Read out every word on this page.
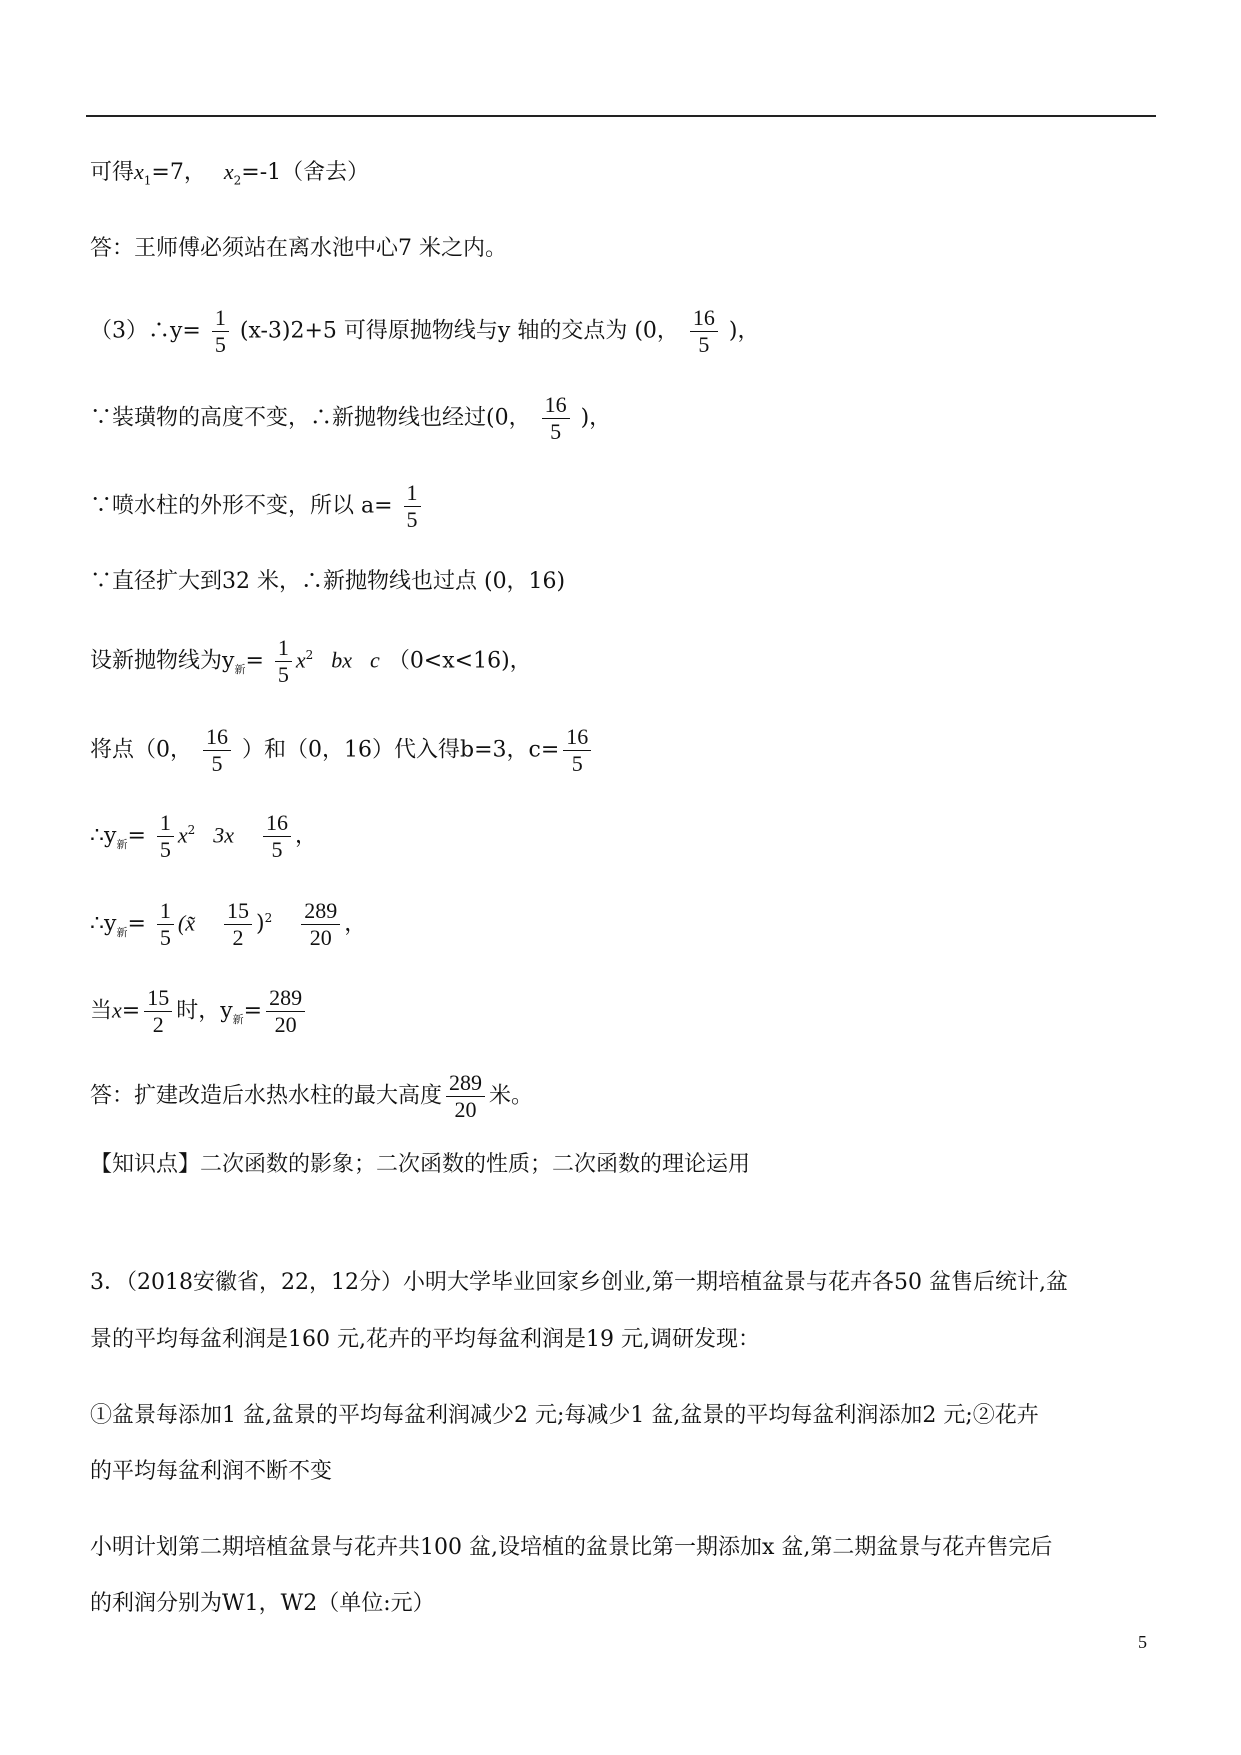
可得$x_1=7$， $x_2=-1$（舍去）
答：王师傅必须站在离水池中心7 米之内。
（3）∴y= $\frac{1}{5} (x-3)2+5$ 可得原抛物线与y 轴的交点为 (0， $\frac{16}{5}$ )，
∵装璜物的高度不变，∴新抛物线也经过(0， $\frac{16}{5}$ )，
∵喷水柱的外形不变，所以 $a= \frac{1}{5}$
∵直径扩大到32 米，∴新抛物线也过点 (0，16)
设新抛物线为$y_新= \frac{1}{5} x^2$ bx c （0<x<16)，
将点（0， $\frac{16}{5}$ ）和（0，16）代入得b=3，$c= \frac{16}{5}$
$\therefore y_新= \frac{1}{5} x^2$ $3x \frac{16}{5}$ ，
$\therefore y_新= \frac{1}{5}$ (x̃ $\frac{15}{2} )^2 \frac{289}{20}$ ，
当$x= \frac{15}{2}$ 时，$y_新= \frac{289}{20}$
答：扩建改造后水热水柱的最大高度 $\frac{289}{20}$ 米。
【知识点】二次函数的影象；二次函数的性质；二次函数的理论运用
3．（2018安徽省，22，12分）小明大学毕业回家乡创业,第一期培植盆景与花卉各50 盆售后统计,盆
景的平均每盆利润是160 元,花卉的平均每盆利润是19 元,调研发现：
①盆景每添加1 盆,盆景的平均每盆利润减少2 元;每减少1 盆,盆景的平均每盆利润添加2 元;②花卉
的平均每盆利润不断不变
小明计划第二期培植盆景与花卉共100 盆,设培植的盆景比第一期添加x 盆,第二期盆景与花卉售完后
的利润分别为W1，W2（单位:元）
5
